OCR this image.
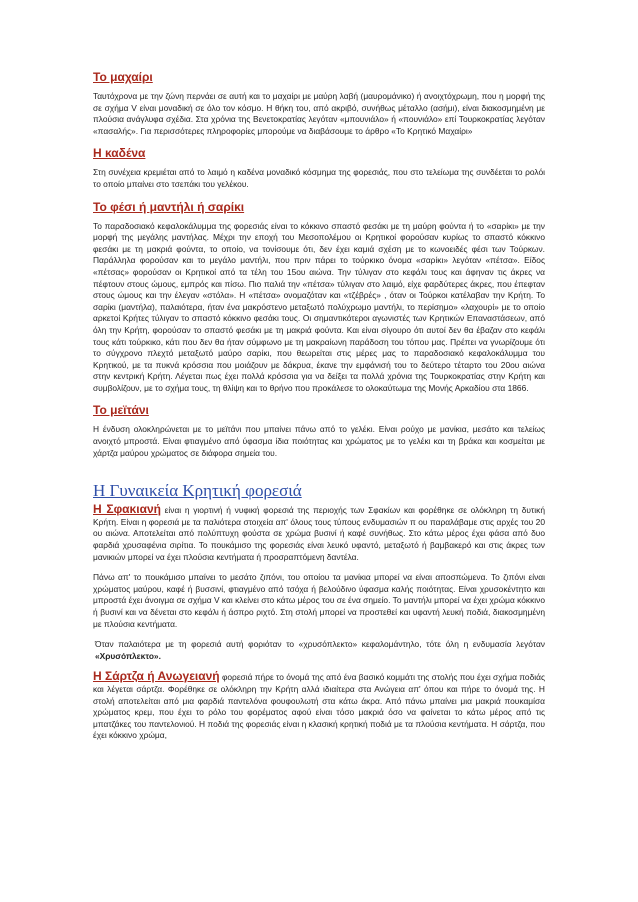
Το μαχαίρι

Ταυτόχρονα με την ζώνη περνάει σε αυτή και το μαχαίρι με μαύρη λαβή (μαυρομάνικο) ή ανοιχτόχρωμη, που η μορφή της σε σχήμα V είναι μοναδική σε όλο τον κόσμο. Η θήκη του, από ακριβό, συνήθως μέταλλο (ασήμι), είναι διακοσμημένη με πλούσια ανάγλυφα σχέδια. Στα χρόνια της Βενετοκρατίας λεγόταν «μπουνιάλο» ή «πουνιάλο» επί Τουρκοκρατίας λεγόταν «πασαλής». Για περισσότερες πληροφορίες μπορούμε να διαβάσουμε το άρθρο «Το Κρητικό Μαχαίρι»

Η καδένα

Στη συνέχεια κρεμιέται από το λαιμό η καδένα μοναδικό κόσμημα της φορεσιάς, που στο τελείωμα της συνδέεται το ρολόι το οποίο μπαίνει στο τσεπάκι του γελέκου.

Το φέσι ή μαντήλι ή σαρίκι

Το παραδοσιακό κεφαλοκάλυμμα της φορεσιάς είναι το κόκκινο σπαστό φεσάκι με τη μαύρη φούντα ή το «σαρίκι» με την μορφή της μεγάλης μαντήλας. Μέχρι την εποχή του Μεσοπολέμου οι Κρητικοί φορούσαν κυρίως το σπαστό κόκκινο φεσάκι με τη μακριά φούντα, το οποίο, να τονίσουμε ότι, δεν έχει καμιά σχέση με το κωνοειδές φέσι των Τούρκων. Παράλληλα φορούσαν και το μεγάλο μαντήλι, που πριν πάρει το τούρκικο όνομα «σαρίκι» λεγόταν «πέτσα». Είδος «πέτσας» φορούσαν οι Κρητικοί από τα τέλη του 15ου αιώνα. Την τύλιγαν στο κεφάλι τους και άφηναν τις άκρες να πέφτουν στους ώμους, εμπρός και πίσω. Πιο παλιά την «πέτσα» τύλιγαν στο λαιμό, είχε φαρδύτερες άκρες, που έπεφταν στους ώμους και την έλεγαν «στόλα». Η «πέτσα» ονομαζόταν και «τζέβρές» , όταν οι Τούρκοι κατέλαβαν την Κρήτη. Το σαρίκι (μαντήλα), παλαιότερα, ήταν ένα μακρόστενο μεταξωτό πολύχρωμο μαντήλι, το περίσημο» «λαχουρί» με το οποίο αρκετοί Κρήτες τύλιγαν το σπαστό κόκκινο φεσάκι τους. Οι σημαντικότεροι αγωνιστές των Κρητικών Επαναστάσεων, από όλη την Κρήτη, φορούσαν το σπαστό φεσάκι με τη μακριά φούντα. Και είναι σίγουρο ότι αυτοί δεν θα έβαζαν στο κεφάλι τους κάτι τούρκικο, κάτι που δεν θα ήταν σύμφωνο με τη μακραίωνη παράδοση του τόπου μας. Πρέπει να γνωρίζουμε ότι το σύγχρονο πλεχτό μεταξωτό μαύρο σαρίκι, που θεωρείται στις μέρες μας το παραδοσιακό κεφαλοκάλυμμα του Κρητικού, με τα πυκνά κρόσσια που μοιάζουν με δάκρυα, έκανε την εμφάνισή του το δεύτερο τέταρτο του 20ου αιώνα στην κεντρική Κρήτη. Λέγεται πως έχει πολλά κρόσσια για να δείξει τα πολλά χρόνια της Τουρκοκρατίας στην Κρήτη και συμβολίζουν, με το σχήμα τους, τη θλίψη και το θρήνο που προκάλεσε το ολοκαύτωμα της Μονής Αρκαδίου στα 1866.

Το μεϊτάνι

Η ένδυση ολοκληρώνεται με το μεϊτάνι που μπαίνει πάνω από το γελέκι. Είναι ρούχο με μανίκια, μεσάτο και τελείως ανοιχτό μπροστά. Είναι φτιαγμένο από ύφασμα ίδια ποιότητας και χρώματος με το γελέκι και τη βράκα και κοσμείται με χάρτζα μαύρου χρώματος σε διάφορα σημεία του.

Η Γυναικεία Κρητική φορεσιά

Η Σφακιανή είναι η γιορτινή ή νυφική φορεσιά της περιοχής των Σφακίων και φορέθηκε σε ολόκληρη τη δυτική Κρήτη. Είναι η φορεσιά με τα παλιότερα στοιχεία απ' όλους τους τύπους ενδυμασιών π ου παραλάβαμε στις αρχές του 20 ου αιώνα. Αποτελείται από πολύπτυχη φούστα σε χρώμα βυσινί ή καφέ συνήθως. Στο κάτω μέρος έχει φάσα από δυο φαρδιά χρυσαφένια σιρίτια. Το πουκάμισο της φορεσιάς είναι λευκό υφαντό, μεταξωτό ή βαμβακερό και στις άκρες των μανικιών μπορεί να έχει πλούσια κεντήματα ή προσραπτόμενη δαντέλα.

Πάνω απ' το πουκάμισο μπαίνει το μεσάτο ζιπόνι, του οποίου τα μανίκια μπορεί να είναι αποσπώμενα. Το ζιπόνι είναι χρώματος μαύρου, καφέ ή βυσσινί, φτιαγμένο από τσόχα ή βελούδινο ύφασμα καλής ποιότητας. Είναι χρυσοκέντητο και μπροστά έχει άνοιγμα σε σχήμα V και κλείνει στο κάτω μέρος του σε ένα σημείο. Το μαντήλι μπορεί να έχει χρώμα κόκκινο ή βυσινί και να δένεται στο κεφάλι ή άσπρο ριχτό. Στη στολή μπορεί να προστεθεί και υφαντή λευκή ποδιά, διακοσμημένη με πλούσια κεντήματα.

Όταν παλαιότερα με τη φορεσιά αυτή φοριόταν το «χρυσόπλεκτο» κεφαλομάντηλο, τότε όλη η ενδυμασία λεγόταν «Χρυσόπλεκτο».

Η Σάρτζα ή Ανωγειανή φορεσιά πήρε το όνομά της από ένα βασικό κομμάτι της στολής που έχει σχήμα ποδιάς και λέγεται σάρτζα. Φορέθηκε σε ολόκληρη την Κρήτη αλλά ιδιαίτερα στα Ανώγεια απ' όπου και πήρε το όνομά της. Η στολή αποτελείται από μια φαρδιά παντελόνα φουφουλωτή στα κάτω άκρα. Από πάνω μπαίνει μια μακριά πουκαμίσα χρώματος κρεμ, που έχει το ρόλο του φορέματος αφού είναι τόσο μακριά όσο να φαίνεται το κάτω μέρος από τις μπατζάκες του παντελονιού. Η ποδιά της φορεσιάς είναι η κλασική κρητική ποδιά με τα πλούσια κεντήματα. Η σάρτζα, που έχει κόκκινο χρώμα,
